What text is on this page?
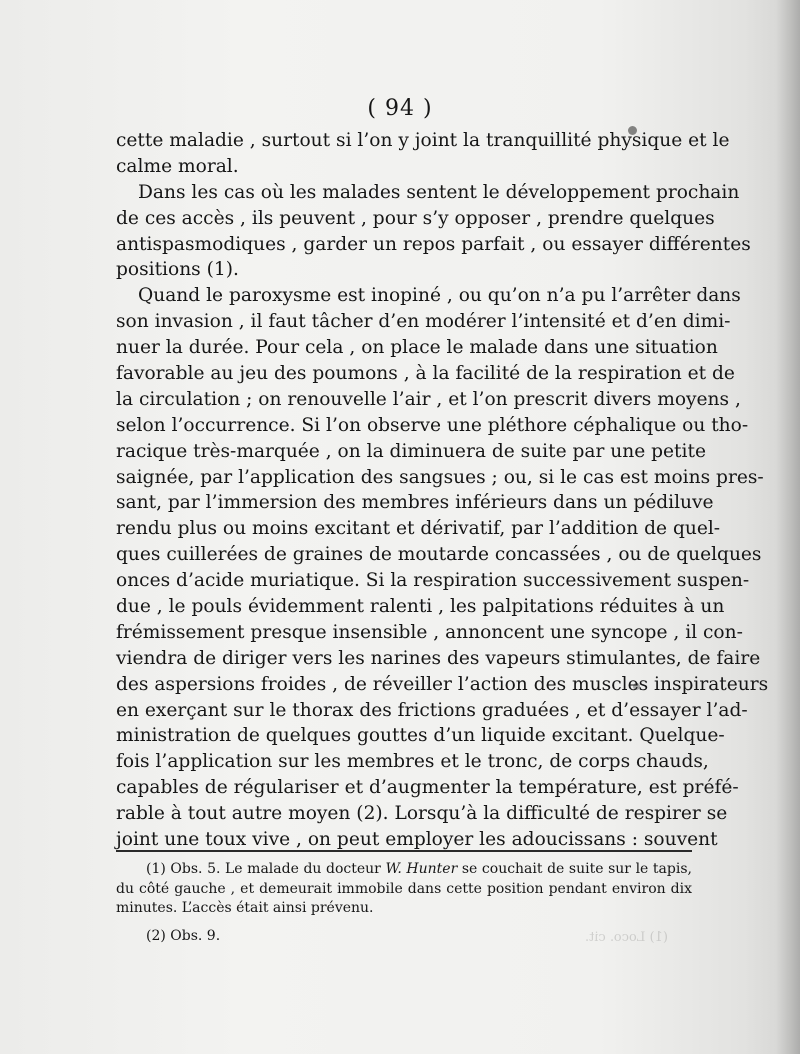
(1) Loco. cit.
( 94 )
cette maladie , surtout si l’on y joint la tranquillité physique et le
calme moral.
Dans les cas où les malades sentent le développement prochain
de ces accès , ils peuvent , pour s’y opposer , prendre quelques
antispasmodiques , garder un repos parfait , ou essayer différentes
positions (1).
Quand le paroxysme est inopiné , ou qu’on n’a pu l’arrêter dans
son invasion , il faut tâcher d’en modérer l’intensité et d’en dimi-
nuer la durée. Pour cela , on place le malade dans une situation
favorable au jeu des poumons , à la facilité de la respiration et de
la circulation ; on renouvelle l’air , et l’on prescrit divers moyens ,
selon l’occurrence. Si l’on observe une pléthore céphalique ou tho-
racique très-marquée , on la diminuera de suite par une petite
saignée, par l’application des sangsues ; ou, si le cas est moins pres-
sant, par l’immersion des membres inférieurs dans un pédiluve
rendu plus ou moins excitant et dérivatif, par l’addition de quel-
ques cuillerées de graines de moutarde concassées , ou de quelques
onces d’acide muriatique. Si la respiration successivement suspen-
due , le pouls évidemment ralenti , les palpitations réduites à un
frémissement presque insensible , annoncent une syncope , il con-
viendra de diriger vers les narines des vapeurs stimulantes, de faire
des aspersions froides , de réveiller l’action des muscles inspirateurs
en exerçant sur le thorax des frictions graduées , et d’essayer l’ad-
ministration de quelques gouttes d’un liquide excitant. Quelque-
fois l’application sur les membres et le tronc, de corps chauds,
capables de régulariser et d’augmenter la température, est préfé-
rable à tout autre moyen (2). Lorsqu’à la difficulté de respirer se
joint une toux vive , on peut employer les adoucissans : souvent
(1) Obs. 5. Le malade du docteur W. Hunter se couchait de suite sur le tapis,
du côté gauche , et demeurait immobile dans cette position pendant environ dix
minutes. L’accès était ainsi prévenu.
(2) Obs. 9.
